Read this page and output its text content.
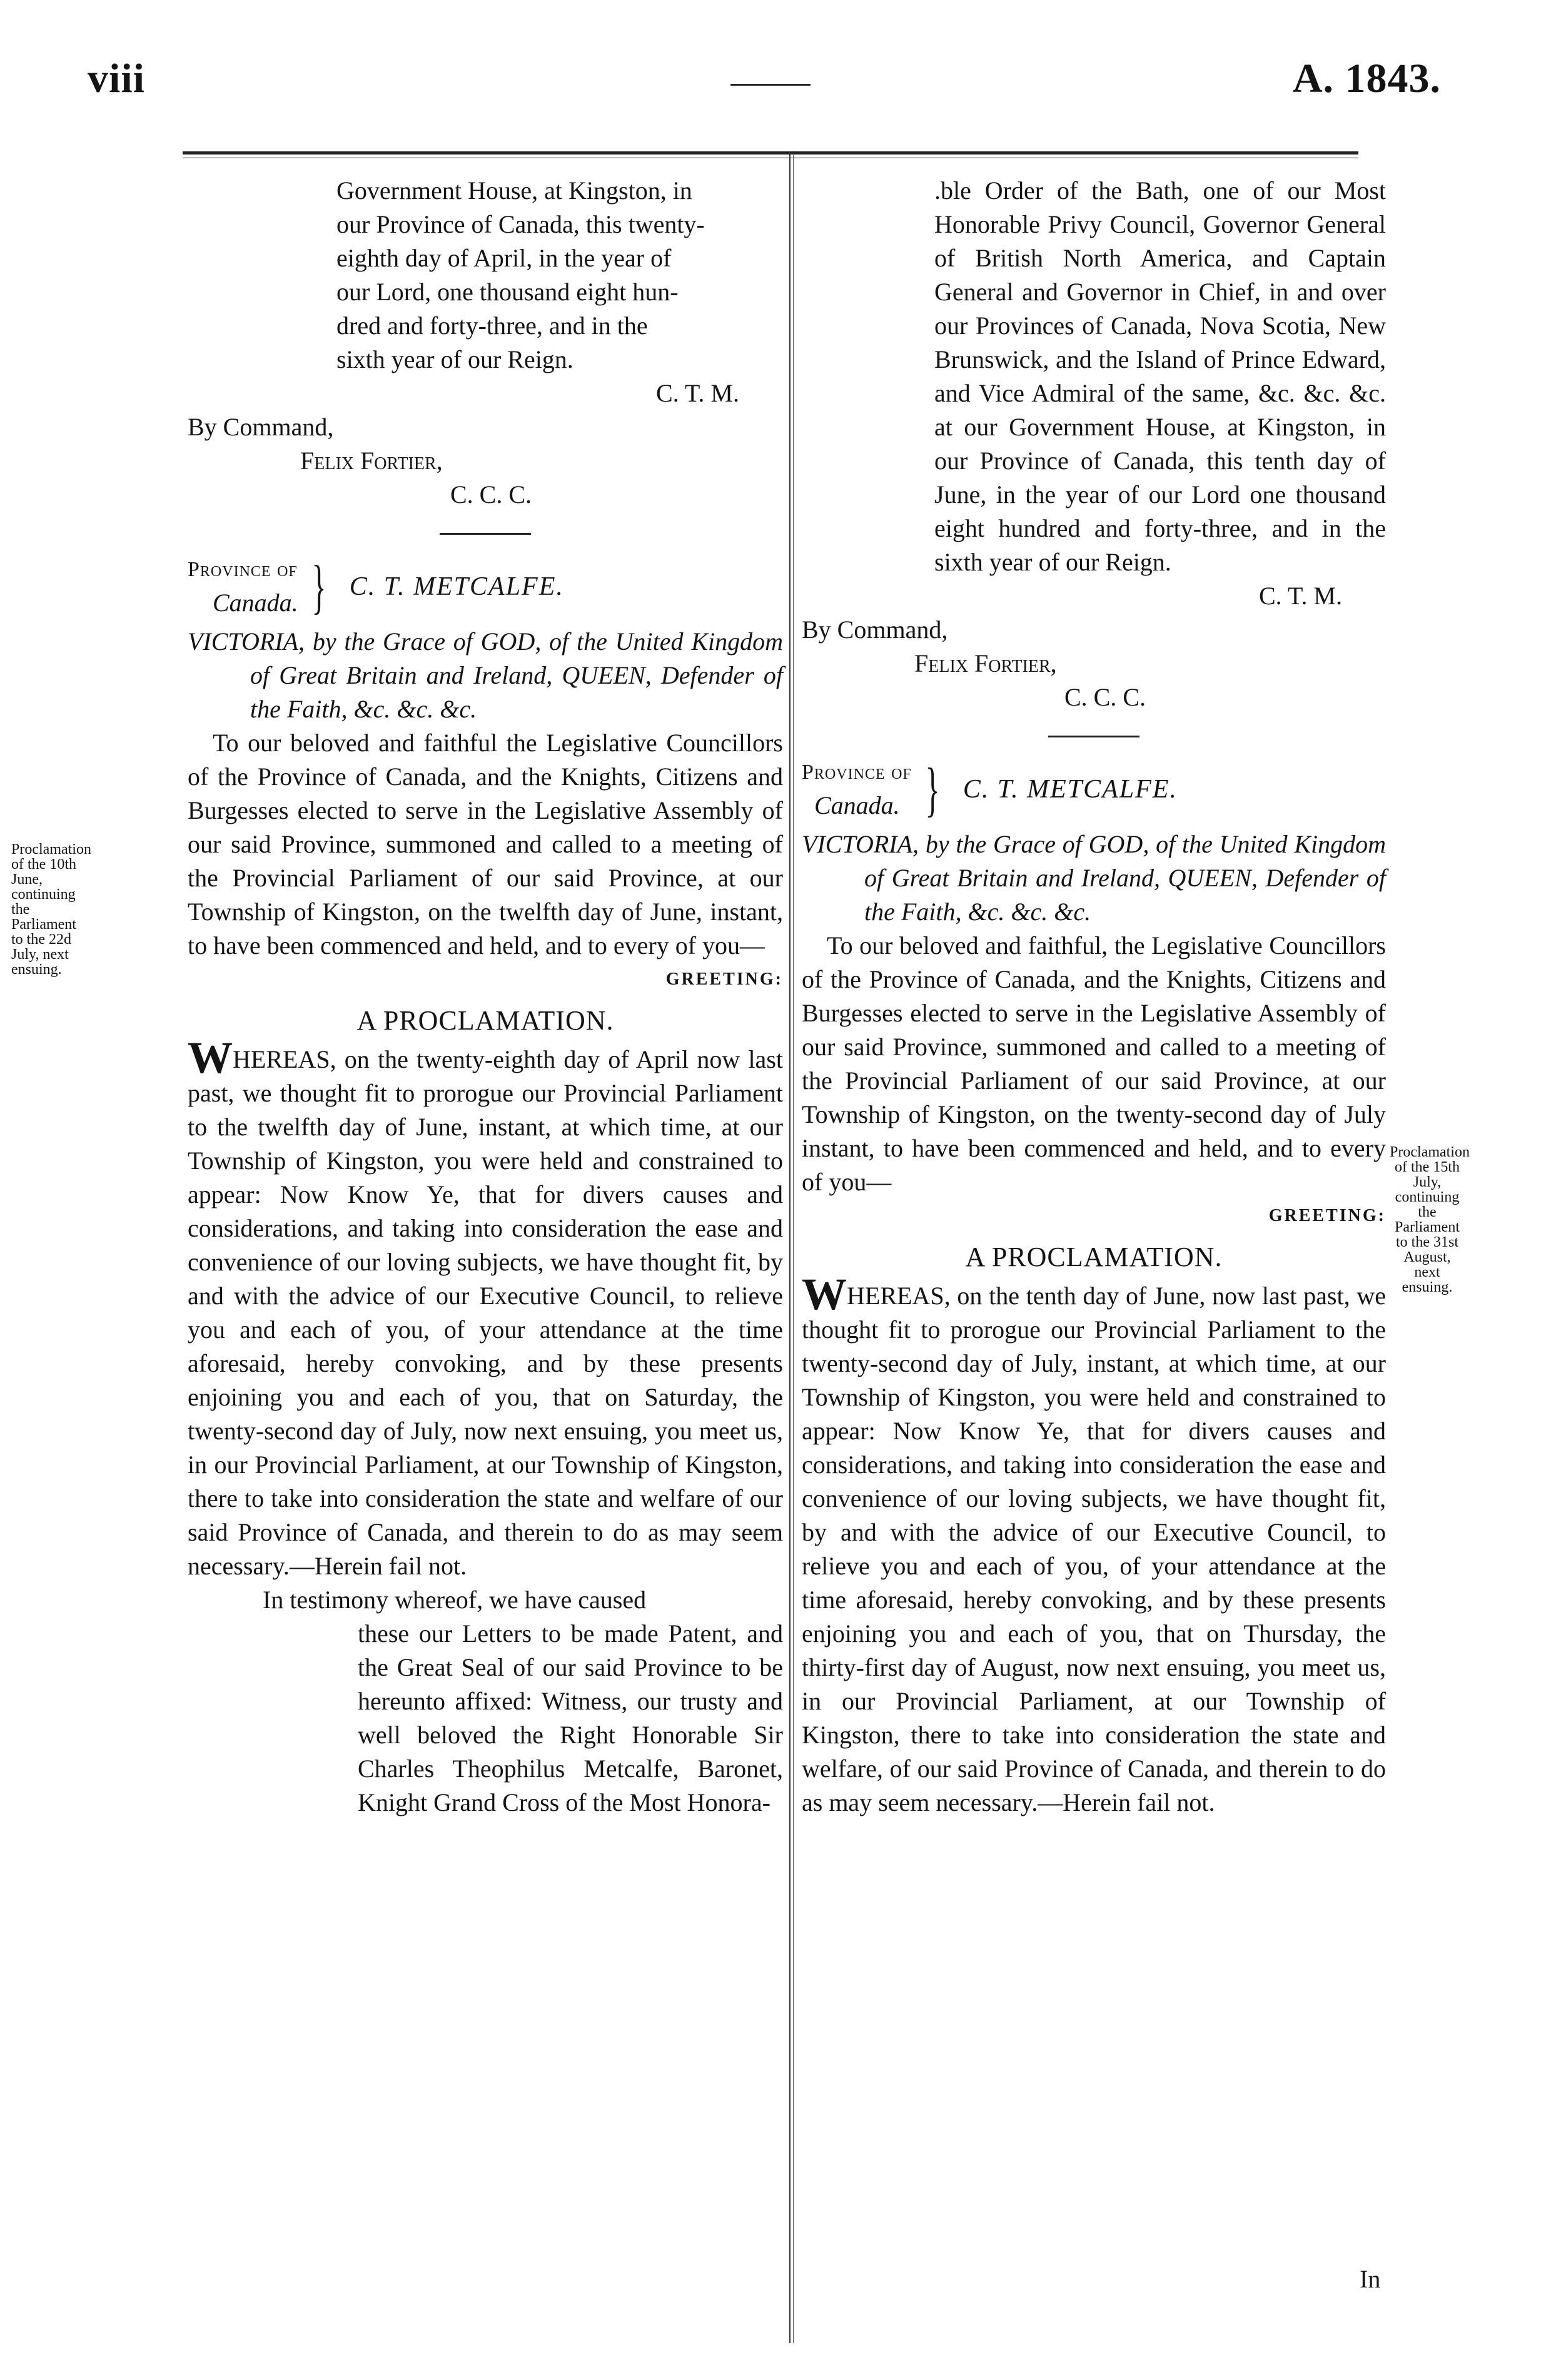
viii	A. 1843.
Proclamation of the 10th June, continuing the Parliament to the 22d July, next ensuing.
Government House, at Kingston, in
our Province of Canada, this twenty-
eighth day of April, in the year of
our Lord, one thousand eight hun-
dred and forty-three, and in the
sixth year of our Reign.
C. T. M.
By Command,
Felix Fortier,
C. C. C.
Province of
Canada. } C. T. METCALFE.

VICTORIA, by the Grace of GOD, of the United Kingdom of Great Britain and Ireland, QUEEN, Defender of the Faith, &c. &c. &c.

To our beloved and faithful the Legislative Councillors of the Province of Canada, and the Knights, Citizens and Burgesses elected to serve in the Legislative Assembly of our said Province, summoned and called to a meeting of the Provincial Parliament of our said Province, at our Township of Kingston, on the twelfth day of June, instant, to have been commenced and held, and to every of you—

GREETING:

A PROCLAMATION.

WHEREAS, on the twenty-eighth day of April now last past, we thought fit to prorogue our Provincial Parliament to the twelfth day of June, instant, at which time, at our Township of Kingston, you were held and constrained to appear: Now Know Ye, that for divers causes and considerations, and taking into consideration the ease and convenience of our loving subjects, we have thought fit, by and with the advice of our Executive Council, to relieve you and each of you, of your attendance at the time aforesaid, hereby convoking, and by these presents enjoining you and each of you, that on Saturday, the twenty-second day of July, now next ensuing, you meet us, in our Provincial Parliament, at our Township of Kingston, there to take into consideration the state and welfare of our said Province of Canada, and therein to do as may seem necessary.—Herein fail not.

In testimony whereof, we have caused

these our Letters to be made Patent, and the Great Seal of our said Province to be hereunto affixed: Witness, our trusty and well beloved the Right Honorable Sir Charles Theophilus Metcalfe, Baronet, Knight Grand Cross of the Most Honora-

.ble Order of the Bath, one of our Most Honorable Privy Council, Governor General of British North America, and Captain General and Governor in Chief, in and over our Provinces of Canada, Nova Scotia, New Brunswick, and the Island of Prince Edward, and Vice Admiral of the same, &c. &c. &c. at our Government House, at Kingston, in our Province of Canada, this tenth day of June, in the year of our Lord one thousand eight hundred and forty-three, and in the sixth year of our Reign.

C. T. M.
By Command,
Felix Fortier,
C. C. C.
Province of
Canada. } C. T. METCALFE.

VICTORIA, by the Grace of GOD, of the United Kingdom of Great Britain and Ireland, QUEEN, Defender of the Faith, &c. &c. &c.

To our beloved and faithful, the Legislative Councillors of the Province of Canada, and the Knights, Citizens and Burgesses elected to serve in the Legislative Assembly of our said Province, summoned and called to a meeting of the Provincial Parliament of our said Province, at our Township of Kingston, on the twenty-second day of July instant, to have been commenced and held, and to every of you—

GREETING:

A PROCLAMATION.

WHEREAS, on the tenth day of June, now last past, we thought fit to prorogue our Provincial Parliament to the twenty-second day of July, instant, at which time, at our Township of Kingston, you were held and constrained to appear: Now Know Ye, that for divers causes and considerations, and taking into consideration the ease and convenience of our loving subjects, we have thought fit, by and with the advice of our Executive Council, to relieve you and each of you, of your attendance at the time aforesaid, hereby convoking, and by these presents enjoining you and each of you, that on Thursday, the thirty-first day of August, now next ensuing, you meet us, in our Provincial Parliament, at our Township of Kingston, there to take into consideration the state and welfare, of our said Province of Canada, and therein to do as may seem necessary.—Herein fail not.

Proclamation of the 15th July, continuing the Parliament to the 31st August, next ensuing.
In
